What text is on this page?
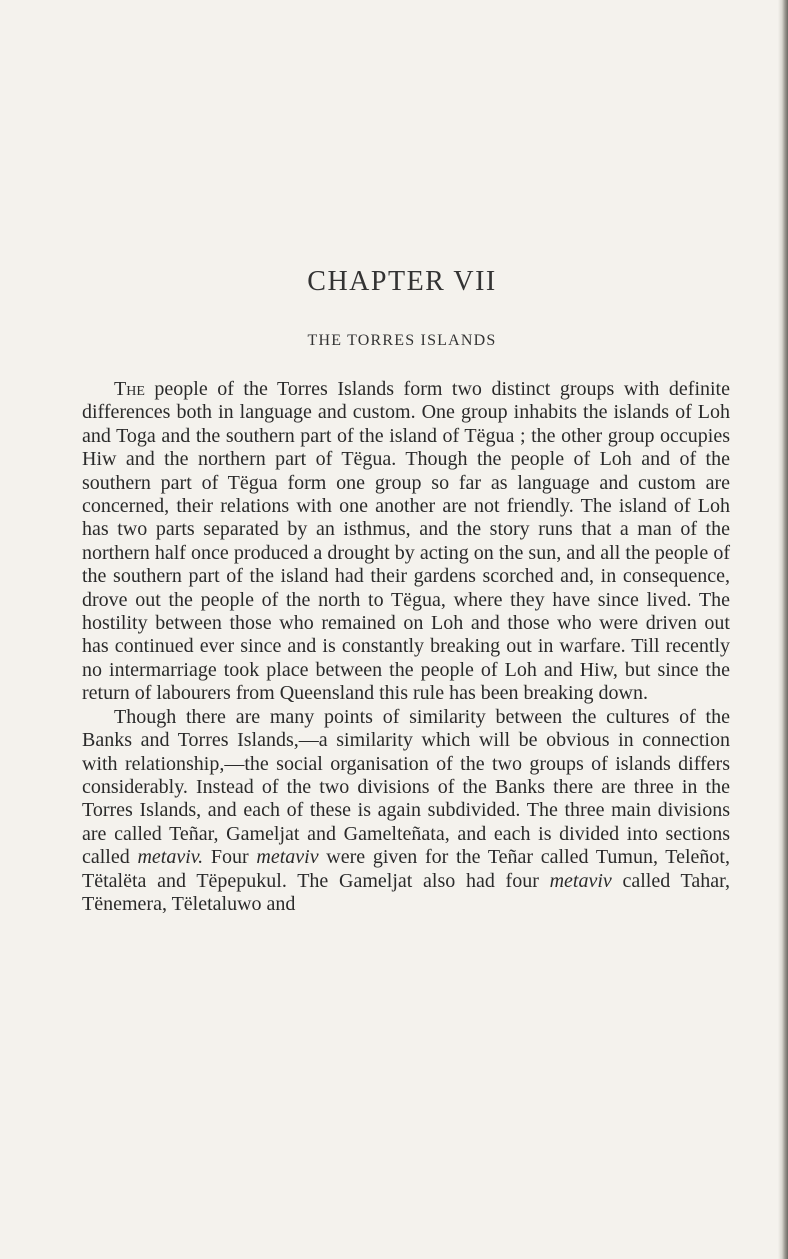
CHAPTER VII
THE TORRES ISLANDS

The people of the Torres Islands form two distinct groups with definite differences both in language and custom. One group inhabits the islands of Loh and Toga and the southern part of the island of Tëgua ; the other group occupies Hiw and the northern part of Tëgua. Though the people of Loh and of the southern part of Tëgua form one group so far as language and custom are concerned, their relations with one another are not friendly. The island of Loh has two parts separated by an isthmus, and the story runs that a man of the northern half once produced a drought by acting on the sun, and all the people of the southern part of the island had their gardens scorched and, in consequence, drove out the people of the north to Tëgua, where they have since lived. The hostility between those who remained on Loh and those who were driven out has continued ever since and is constantly breaking out in warfare. Till recently no intermarriage took place between the people of Loh and Hiw, but since the return of labourers from Queensland this rule has been breaking down.

Though there are many points of similarity between the cultures of the Banks and Torres Islands,—a similarity which will be obvious in connection with relationship,—the social organisation of the two groups of islands differs considerably. Instead of the two divisions of the Banks there are three in the Torres Islands, and each of these is again subdivided. The three main divisions are called Teñar, Gameljat and Gamelteñata, and each is divided into sections called metaviv. Four metaviv were given for the Teñar called Tumun, Teleñot, Tëtalëta and Tëpepukul. The Gameljat also had four metaviv called Tahar, Tënemera, Tëletaluwo and
